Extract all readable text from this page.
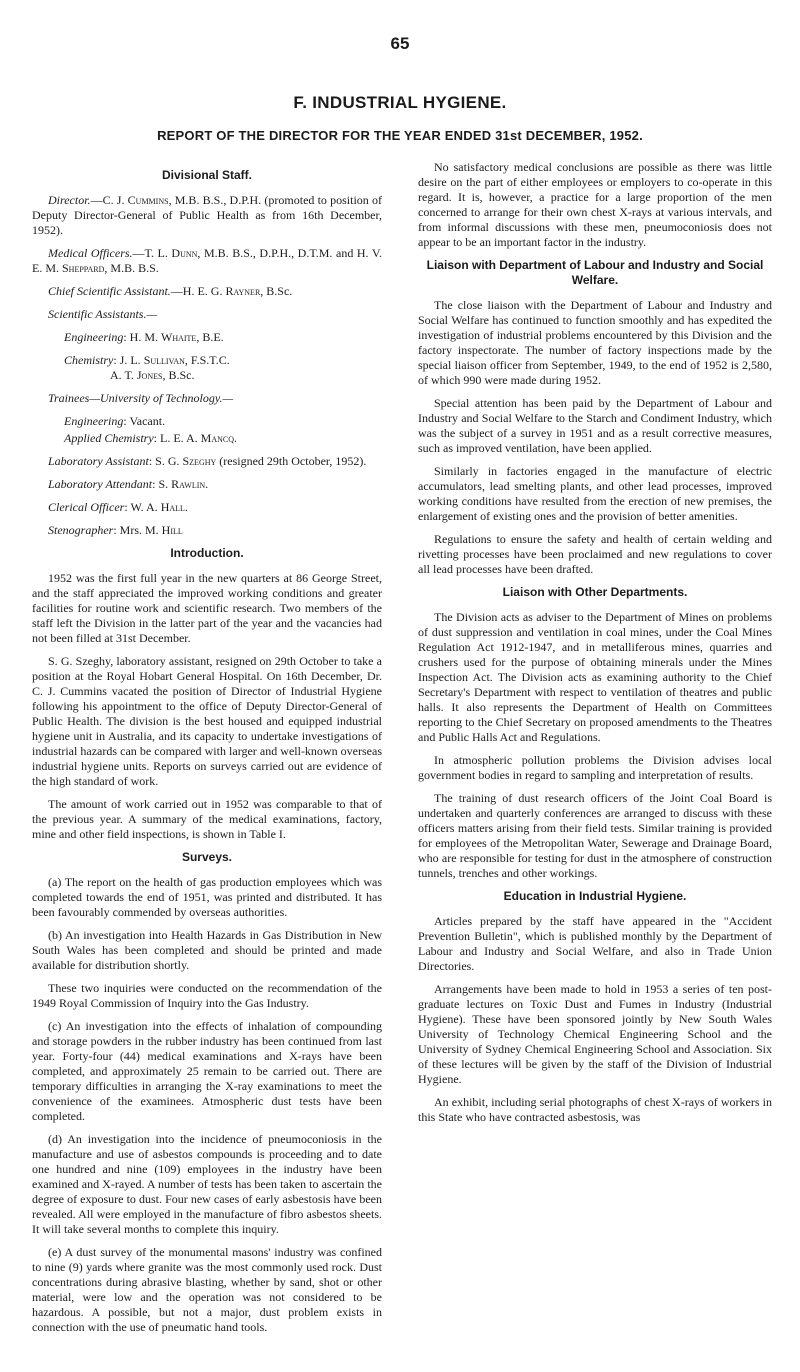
65
F. INDUSTRIAL HYGIENE.
REPORT OF THE DIRECTOR FOR THE YEAR ENDED 31st DECEMBER, 1952.
Divisional Staff.

Director.—C. J. Cummins, M.B. B.S., D.P.H. (promoted to position of Deputy Director-General of Public Health as from 16th December, 1952).

Medical Officers.—T. L. Dunn, M.B. B.S., D.P.H., D.T.M. and H. V. E. M. Sheppard, M.B. B.S.

Chief Scientific Assistant.—H. E. G. Rayner, B.Sc.

Scientific Assistants.—

Engineering: H. M. Whaite, B.E.

Chemistry: J. L. Sullivan, F.S.T.C.

A. T. Jones, B.Sc.

Trainees—University of Technology.—

Engineering: Vacant.

Applied Chemistry: L. E. A. Mancq.

Laboratory Assistant: S. G. Szeghy (resigned 29th October, 1952).

Laboratory Attendant: S. Rawlin.

Clerical Officer: W. A. Hall.

Stenographer: Mrs. M. Hill

Introduction.

1952 was the first full year in the new quarters at 86 George Street, and the staff appreciated the improved working conditions and greater facilities for routine work and scientific research. Two members of the staff left the Division in the latter part of the year and the vacancies had not been filled at 31st December.

S. G. Szeghy, laboratory assistant, resigned on 29th October to take a position at the Royal Hobart General Hospital. On 16th December, Dr. C. J. Cummins vacated the position of Director of Industrial Hygiene following his appointment to the office of Deputy Director-General of Public Health. The division is the best housed and equipped industrial hygiene unit in Australia, and its capacity to undertake investigations of industrial hazards can be compared with larger and well-known overseas industrial hygiene units. Reports on surveys carried out are evidence of the high standard of work.

The amount of work carried out in 1952 was comparable to that of the previous year. A summary of the medical examinations, factory, mine and other field inspections, is shown in Table I.

Surveys.

(a) The report on the health of gas production employees which was completed towards the end of 1951, was printed and distributed. It has been favourably commended by overseas authorities.

(b) An investigation into Health Hazards in Gas Distribution in New South Wales has been completed and should be printed and made available for distribution shortly.

These two inquiries were conducted on the recommendation of the 1949 Royal Commission of Inquiry into the Gas Industry.

(c) An investigation into the effects of inhalation of compounding and storage powders in the rubber industry has been continued from last year. Forty-four (44) medical examinations and X-rays have been completed, and approximately 25 remain to be carried out. There are temporary difficulties in arranging the X-ray examinations to meet the convenience of the examinees. Atmospheric dust tests have been completed.

(d) An investigation into the incidence of pneumoconiosis in the manufacture and use of asbestos compounds is proceeding and to date one hundred and nine (109) employees in the industry have been examined and X-rayed. A number of tests has been taken to ascertain the degree of exposure to dust. Four new cases of early asbestosis have been revealed. All were employed in the manufacture of fibro asbestos sheets. It will take several months to complete this inquiry.

(e) A dust survey of the monumental masons' industry was confined to nine (9) yards where granite was the most commonly used rock. Dust concentrations during abrasive blasting, whether by sand, shot or other material, were low and the operation was not considered to be hazardous. A possible, but not a major, dust problem exists in connection with the use of pneumatic hand tools.

No satisfactory medical conclusions are possible as there was little desire on the part of either employees or employers to co-operate in this regard. It is, however, a practice for a large proportion of the men concerned to arrange for their own chest X-rays at various intervals, and from informal discussions with these men, pneumoconiosis does not appear to be an important factor in the industry.

Liaison with Department of Labour and Industry and Social Welfare.

The close liaison with the Department of Labour and Industry and Social Welfare has continued to function smoothly and has expedited the investigation of industrial problems encountered by this Division and the factory inspectorate. The number of factory inspections made by the special liaison officer from September, 1949, to the end of 1952 is 2,580, of which 990 were made during 1952.

Special attention has been paid by the Department of Labour and Industry and Social Welfare to the Starch and Condiment Industry, which was the subject of a survey in 1951 and as a result corrective measures, such as improved ventilation, have been applied.

Similarly in factories engaged in the manufacture of electric accumulators, lead smelting plants, and other lead processes, improved working conditions have resulted from the erection of new premises, the enlargement of existing ones and the provision of better amenities.

Regulations to ensure the safety and health of certain welding and rivetting processes have been proclaimed and new regulations to cover all lead processes have been drafted.

Liaison with Other Departments.

The Division acts as adviser to the Department of Mines on problems of dust suppression and ventilation in coal mines, under the Coal Mines Regulation Act 1912-1947, and in metalliferous mines, quarries and crushers used for the purpose of obtaining minerals under the Mines Inspection Act. The Division acts as examining authority to the Chief Secretary's Department with respect to ventilation of theatres and public halls. It also represents the Department of Health on Committees reporting to the Chief Secretary on proposed amendments to the Theatres and Public Halls Act and Regulations.

In atmospheric pollution problems the Division advises local government bodies in regard to sampling and interpretation of results.

The training of dust research officers of the Joint Coal Board is undertaken and quarterly conferences are arranged to discuss with these officers matters arising from their field tests. Similar training is provided for employees of the Metropolitan Water, Sewerage and Drainage Board, who are responsible for testing for dust in the atmosphere of construction tunnels, trenches and other workings.

Education in Industrial Hygiene.

Articles prepared by the staff have appeared in the "Accident Prevention Bulletin", which is published monthly by the Department of Labour and Industry and Social Welfare, and also in Trade Union Directories.

Arrangements have been made to hold in 1953 a series of ten post-graduate lectures on Toxic Dust and Fumes in Industry (Industrial Hygiene). These have been sponsored jointly by New South Wales University of Technology Chemical Engineering School and the University of Sydney Chemical Engineering School and Association. Six of these lectures will be given by the staff of the Division of Industrial Hygiene.

An exhibit, including serial photographs of chest X-rays of workers in this State who have contracted asbestosis, was
